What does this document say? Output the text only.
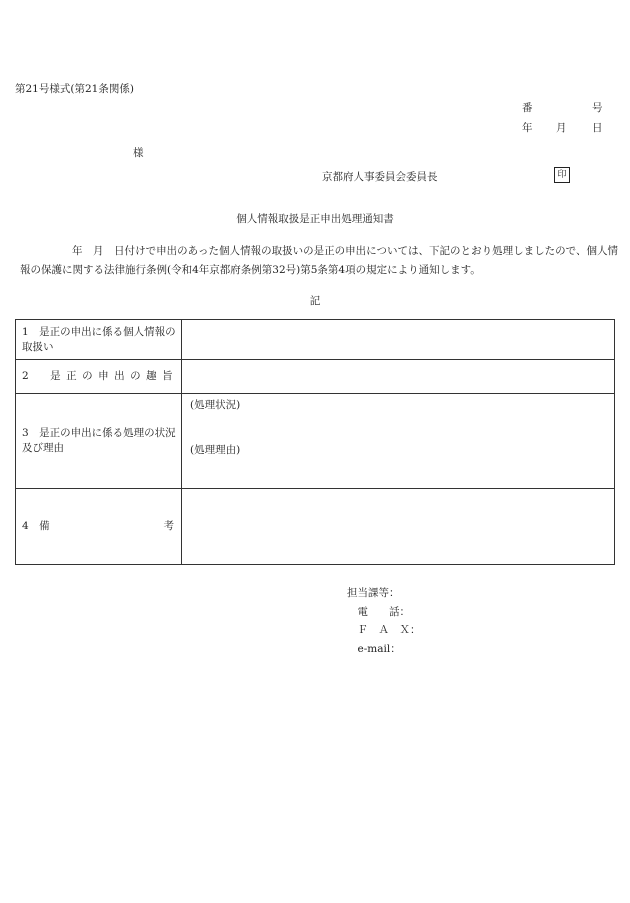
第21号様式(第21条関係)
番	号
年 月 日
様
京都府人事委員会委員長	印
個人情報取扱是正申出処理通知書
年　月　日付けで申出のあった個人情報の取扱いの是正の申出については、下記のとおり処理しましたので、個人情報の保護に関する法律施行条例(令和4年京都府条例第32号)第5条第4項の規定により通知します。
記
1　是正の申出に係る個人情報の取扱い	
2　是正の申出の趣旨	
3　是正の申出に係る処理の状況及び理由	(処理状況)
(処理理由)

4　備 考	

担当課等：
　電　　話：
　Ｆ　Ａ　Ｘ：
　e-mail：
